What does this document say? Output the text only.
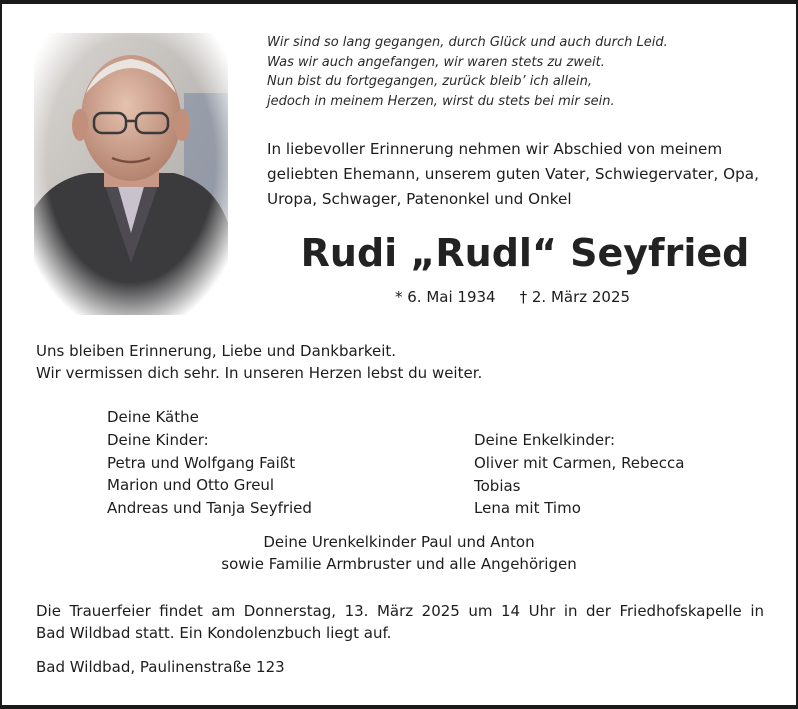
Wir sind so lang gegangen, durch Glück und auch durch Leid.
Was wir auch angefangen, wir waren stets zu zweit.
Nun bist du fortgegangen, zurück bleib’ ich allein,
jedoch in meinem Herzen, wirst du stets bei mir sein.
In liebevoller Erinnerung nehmen wir Abschied von meinem
geliebten Ehemann, unserem guten Vater, Schwiegervater, Opa,
Uropa, Schwager, Patenonkel und Onkel
Rudi „Rudl“ Seyfried
* 6. Mai 1934 † 2. März 2025
Uns bleiben Erinnerung, Liebe und Dankbarkeit.
Wir vermissen dich sehr. In unseren Herzen lebst du weiter.
Deine Käthe
Deine Kinder:
Petra und Wolfgang Faißt
Marion und Otto Greul
Andreas und Tanja Seyfried
Deine Enkelkinder:
Oliver mit Carmen, Rebecca
Tobias
Lena mit Timo
Deine Urenkelkinder Paul und Anton
sowie Familie Armbruster und alle Angehörigen
Die Trauerfeier findet am Donnerstag, 13. März 2025 um 14 Uhr in der Friedhofskapelle in
Bad Wildbad statt. Ein Kondolenzbuch liegt auf.
Bad Wildbad, Paulinenstraße 123
